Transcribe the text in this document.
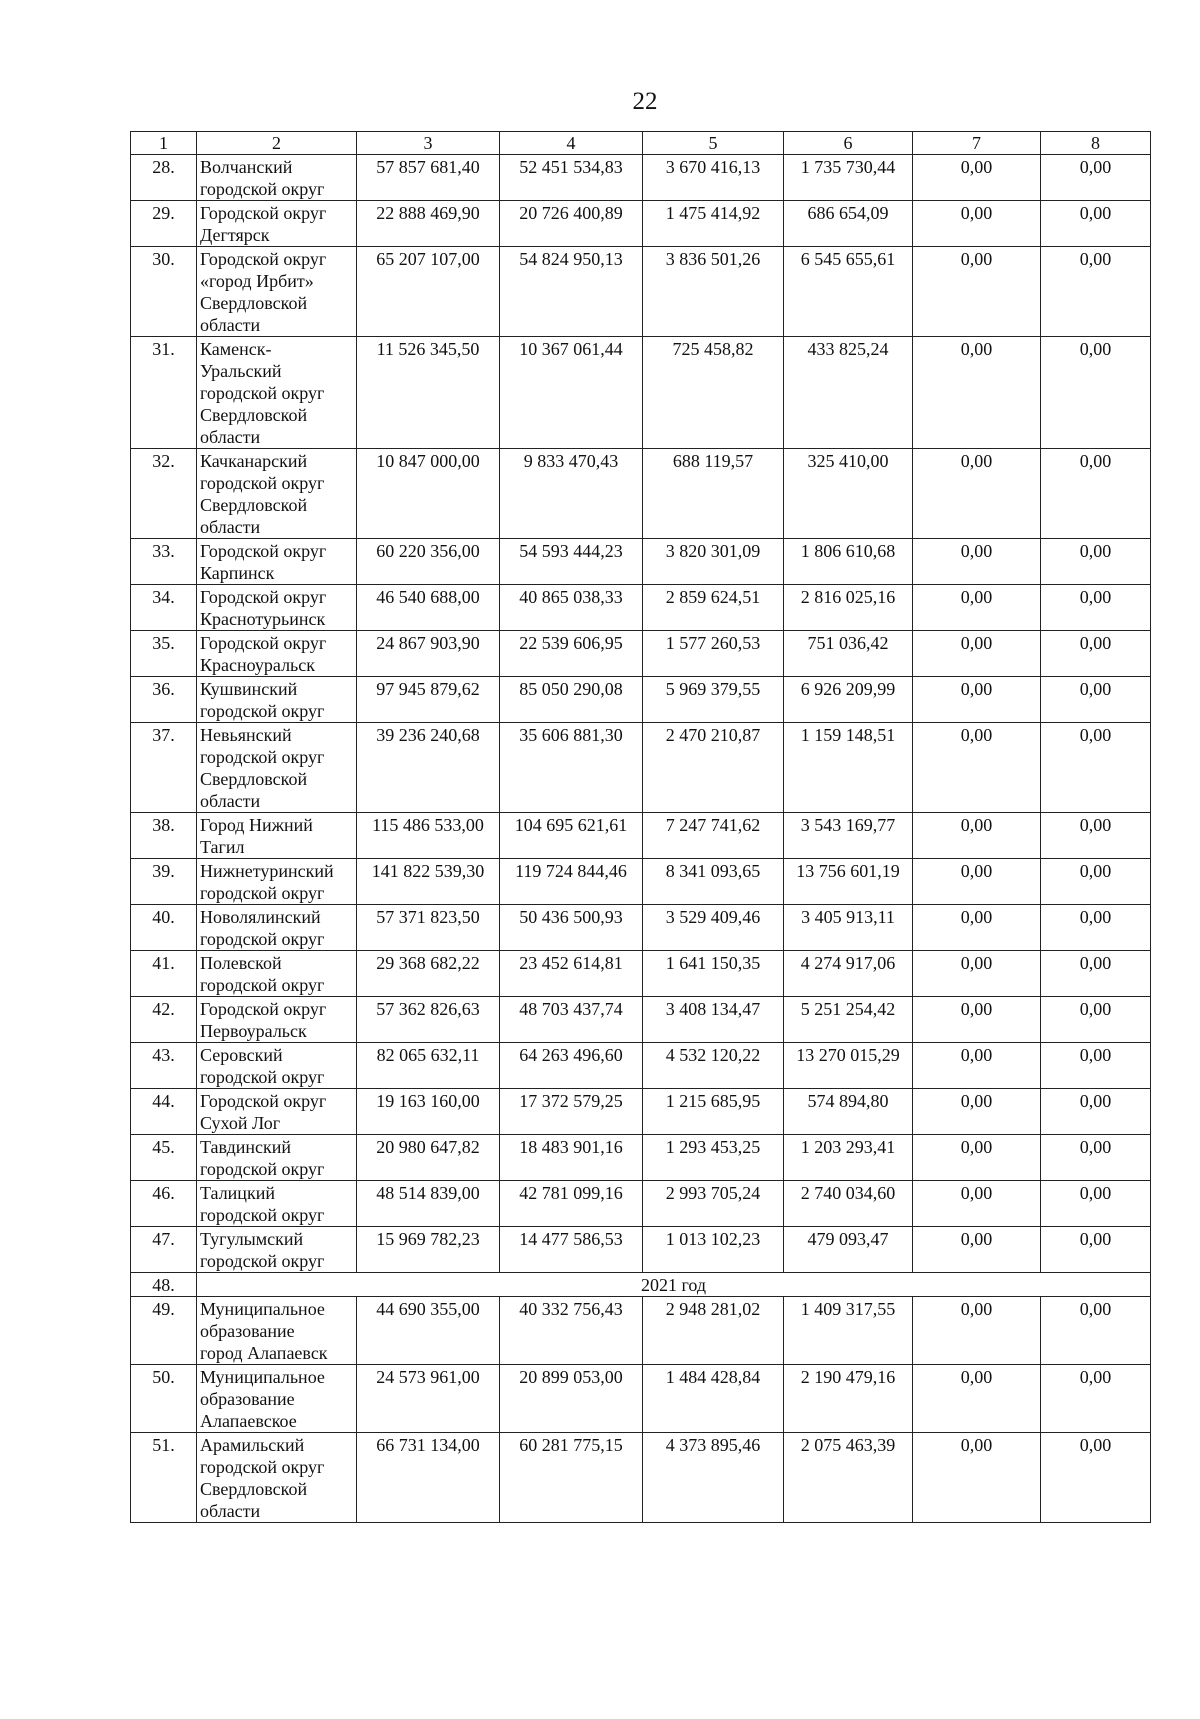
22
1	2	3	4	5	6	7	8
28.	Волчанский
городской округ	57 857 681,40	52 451 534,83	3 670 416,13	1 735 730,44	0,00	0,00
29.	Городской округ
Дегтярск	22 888 469,90	20 726 400,89	1 475 414,92	686 654,09	0,00	0,00
30.	Городской округ
«город Ирбит»
Свердловской
области	65 207 107,00	54 824 950,13	3 836 501,26	6 545 655,61	0,00	0,00
31.	Каменск-
Уральский
городской округ
Свердловской
области	11 526 345,50	10 367 061,44	725 458,82	433 825,24	0,00	0,00
32.	Качканарский
городской округ
Свердловской
области	10 847 000,00	9 833 470,43	688 119,57	325 410,00	0,00	0,00
33.	Городской округ
Карпинск	60 220 356,00	54 593 444,23	3 820 301,09	1 806 610,68	0,00	0,00
34.	Городской округ
Краснотурьинск	46 540 688,00	40 865 038,33	2 859 624,51	2 816 025,16	0,00	0,00
35.	Городской округ
Красноуральск	24 867 903,90	22 539 606,95	1 577 260,53	751 036,42	0,00	0,00
36.	Кушвинский
городской округ	97 945 879,62	85 050 290,08	5 969 379,55	6 926 209,99	0,00	0,00
37.	Невьянский
городской округ
Свердловской
области	39 236 240,68	35 606 881,30	2 470 210,87	1 159 148,51	0,00	0,00
38.	Город Нижний
Тагил	115 486 533,00	104 695 621,61	7 247 741,62	3 543 169,77	0,00	0,00
39.	Нижнетуринский
городской округ	141 822 539,30	119 724 844,46	8 341 093,65	13 756 601,19	0,00	0,00
40.	Новолялинский
городской округ	57 371 823,50	50 436 500,93	3 529 409,46	3 405 913,11	0,00	0,00
41.	Полевской
городской округ	29 368 682,22	23 452 614,81	1 641 150,35	4 274 917,06	0,00	0,00
42.	Городской округ
Первоуральск	57 362 826,63	48 703 437,74	3 408 134,47	5 251 254,42	0,00	0,00
43.	Серовский
городской округ	82 065 632,11	64 263 496,60	4 532 120,22	13 270 015,29	0,00	0,00
44.	Городской округ
Сухой Лог	19 163 160,00	17 372 579,25	1 215 685,95	574 894,80	0,00	0,00
45.	Тавдинский
городской округ	20 980 647,82	18 483 901,16	1 293 453,25	1 203 293,41	0,00	0,00
46.	Талицкий
городской округ	48 514 839,00	42 781 099,16	2 993 705,24	2 740 034,60	0,00	0,00
47.	Тугулымский
городской округ	15 969 782,23	14 477 586,53	1 013 102,23	479 093,47	0,00	0,00
48.	2021 год						
49.	Муниципальное
образование
город Алапаевск	44 690 355,00	40 332 756,43	2 948 281,02	1 409 317,55	0,00	0,00
50.	Муниципальное
образование
Алапаевское	24 573 961,00	20 899 053,00	1 484 428,84	2 190 479,16	0,00	0,00
51.	Арамильский
городской округ
Свердловской
области	66 731 134,00	60 281 775,15	4 373 895,46	2 075 463,39	0,00	0,00
